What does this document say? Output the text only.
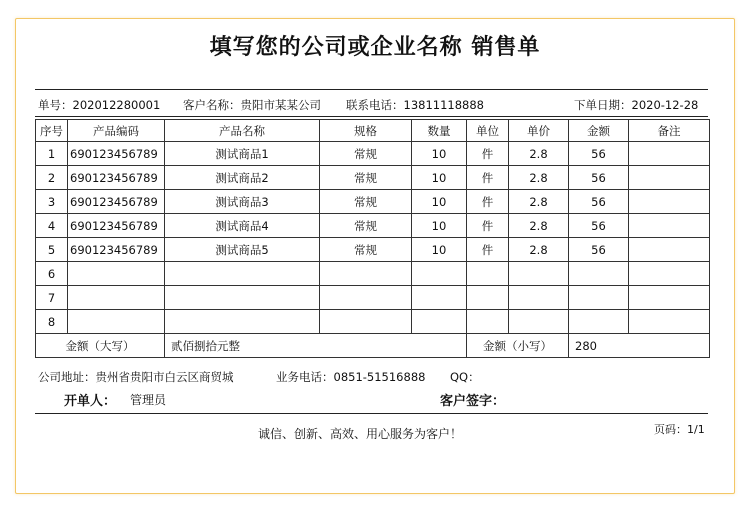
填写您的公司或企业名称 销售单
单号：202012280001 客户名称：贵阳市某某公司 联系电话：13811118888	下单日期：2020-12-28
序号	产品编码	产品名称	规格	数量	单位	单价	金额	备注
1	690123456789	测试商品1	常规	10	件	2.8	56	
2	690123456789	测试商品2	常规	10	件	2.8	56	
3	690123456789	测试商品3	常规	10	件	2.8	56	
4	690123456789	测试商品4	常规	10	件	2.8	56	
5	690123456789	测试商品5	常规	10	件	2.8	56	
6								
7								
8								
金额（大写）		贰佰捌拾元整			金额（小写）		280	
公司地址：贵州省贵阳市白云区商贸城	业务电话：0851-51516888 QQ：
开单人： 管理员	客户签字：
诚信、创新、高效、用心服务为客户！	页码：1/1
